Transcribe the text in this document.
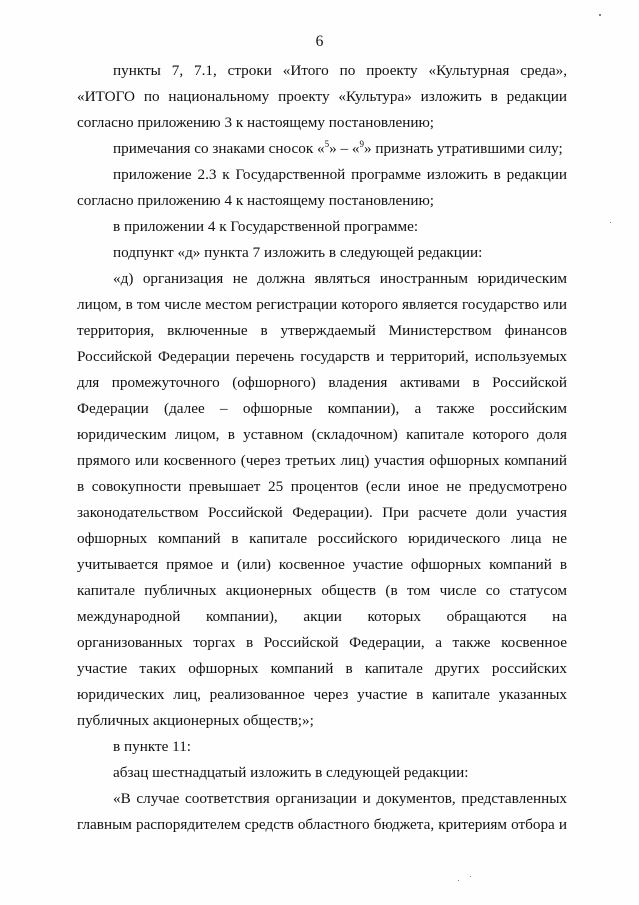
6
пункты 7, 7.1, строки «Итого по проекту «Культурная среда»,
«ИТОГО по национальному проекту «Культура» изложить в редакции
согласно приложению 3 к настоящему постановлению;
примечания со знаками сносок «$^5$» – «$^9$» признать утратившими силу;
приложение 2.3 к Государственной программе изложить в редакции
согласно приложению 4 к настоящему постановлению;
в приложении 4 к Государственной программе:
подпункт «д» пункта 7 изложить в следующей редакции:
«д) организация не должна являться иностранным юридическим
лицом, в том числе местом регистрации которого является государство или
территория, включенные в утверждаемый Министерством финансов
Российской Федерации перечень государств и территорий, используемых
для промежуточного (офшорного) владения активами в Российской
Федерации (далее – офшорные компании), а также российским
юридическим лицом, в уставном (складочном) капитале которого доля
прямого или косвенного (через третьих лиц) участия офшорных компаний
в совокупности превышает 25 процентов (если иное не предусмотрено
законодательством Российской Федерации). При расчете доли участия
офшорных компаний в капитале российского юридического лица не
учитывается прямое и (или) косвенное участие офшорных компаний в
капитале публичных акционерных обществ (в том числе со статусом
международной компании), акции которых обращаются на
организованных торгах в Российской Федерации, а также косвенное
участие таких офшорных компаний в капитале других российских
юридических лиц, реализованное через участие в капитале указанных
публичных акционерных обществ;»;
в пункте 11:
абзац шестнадцатый изложить в следующей редакции:
«В случае соответствия организации и документов, представленных
главным распорядителем средств областного бюджета, критериям отбора и
